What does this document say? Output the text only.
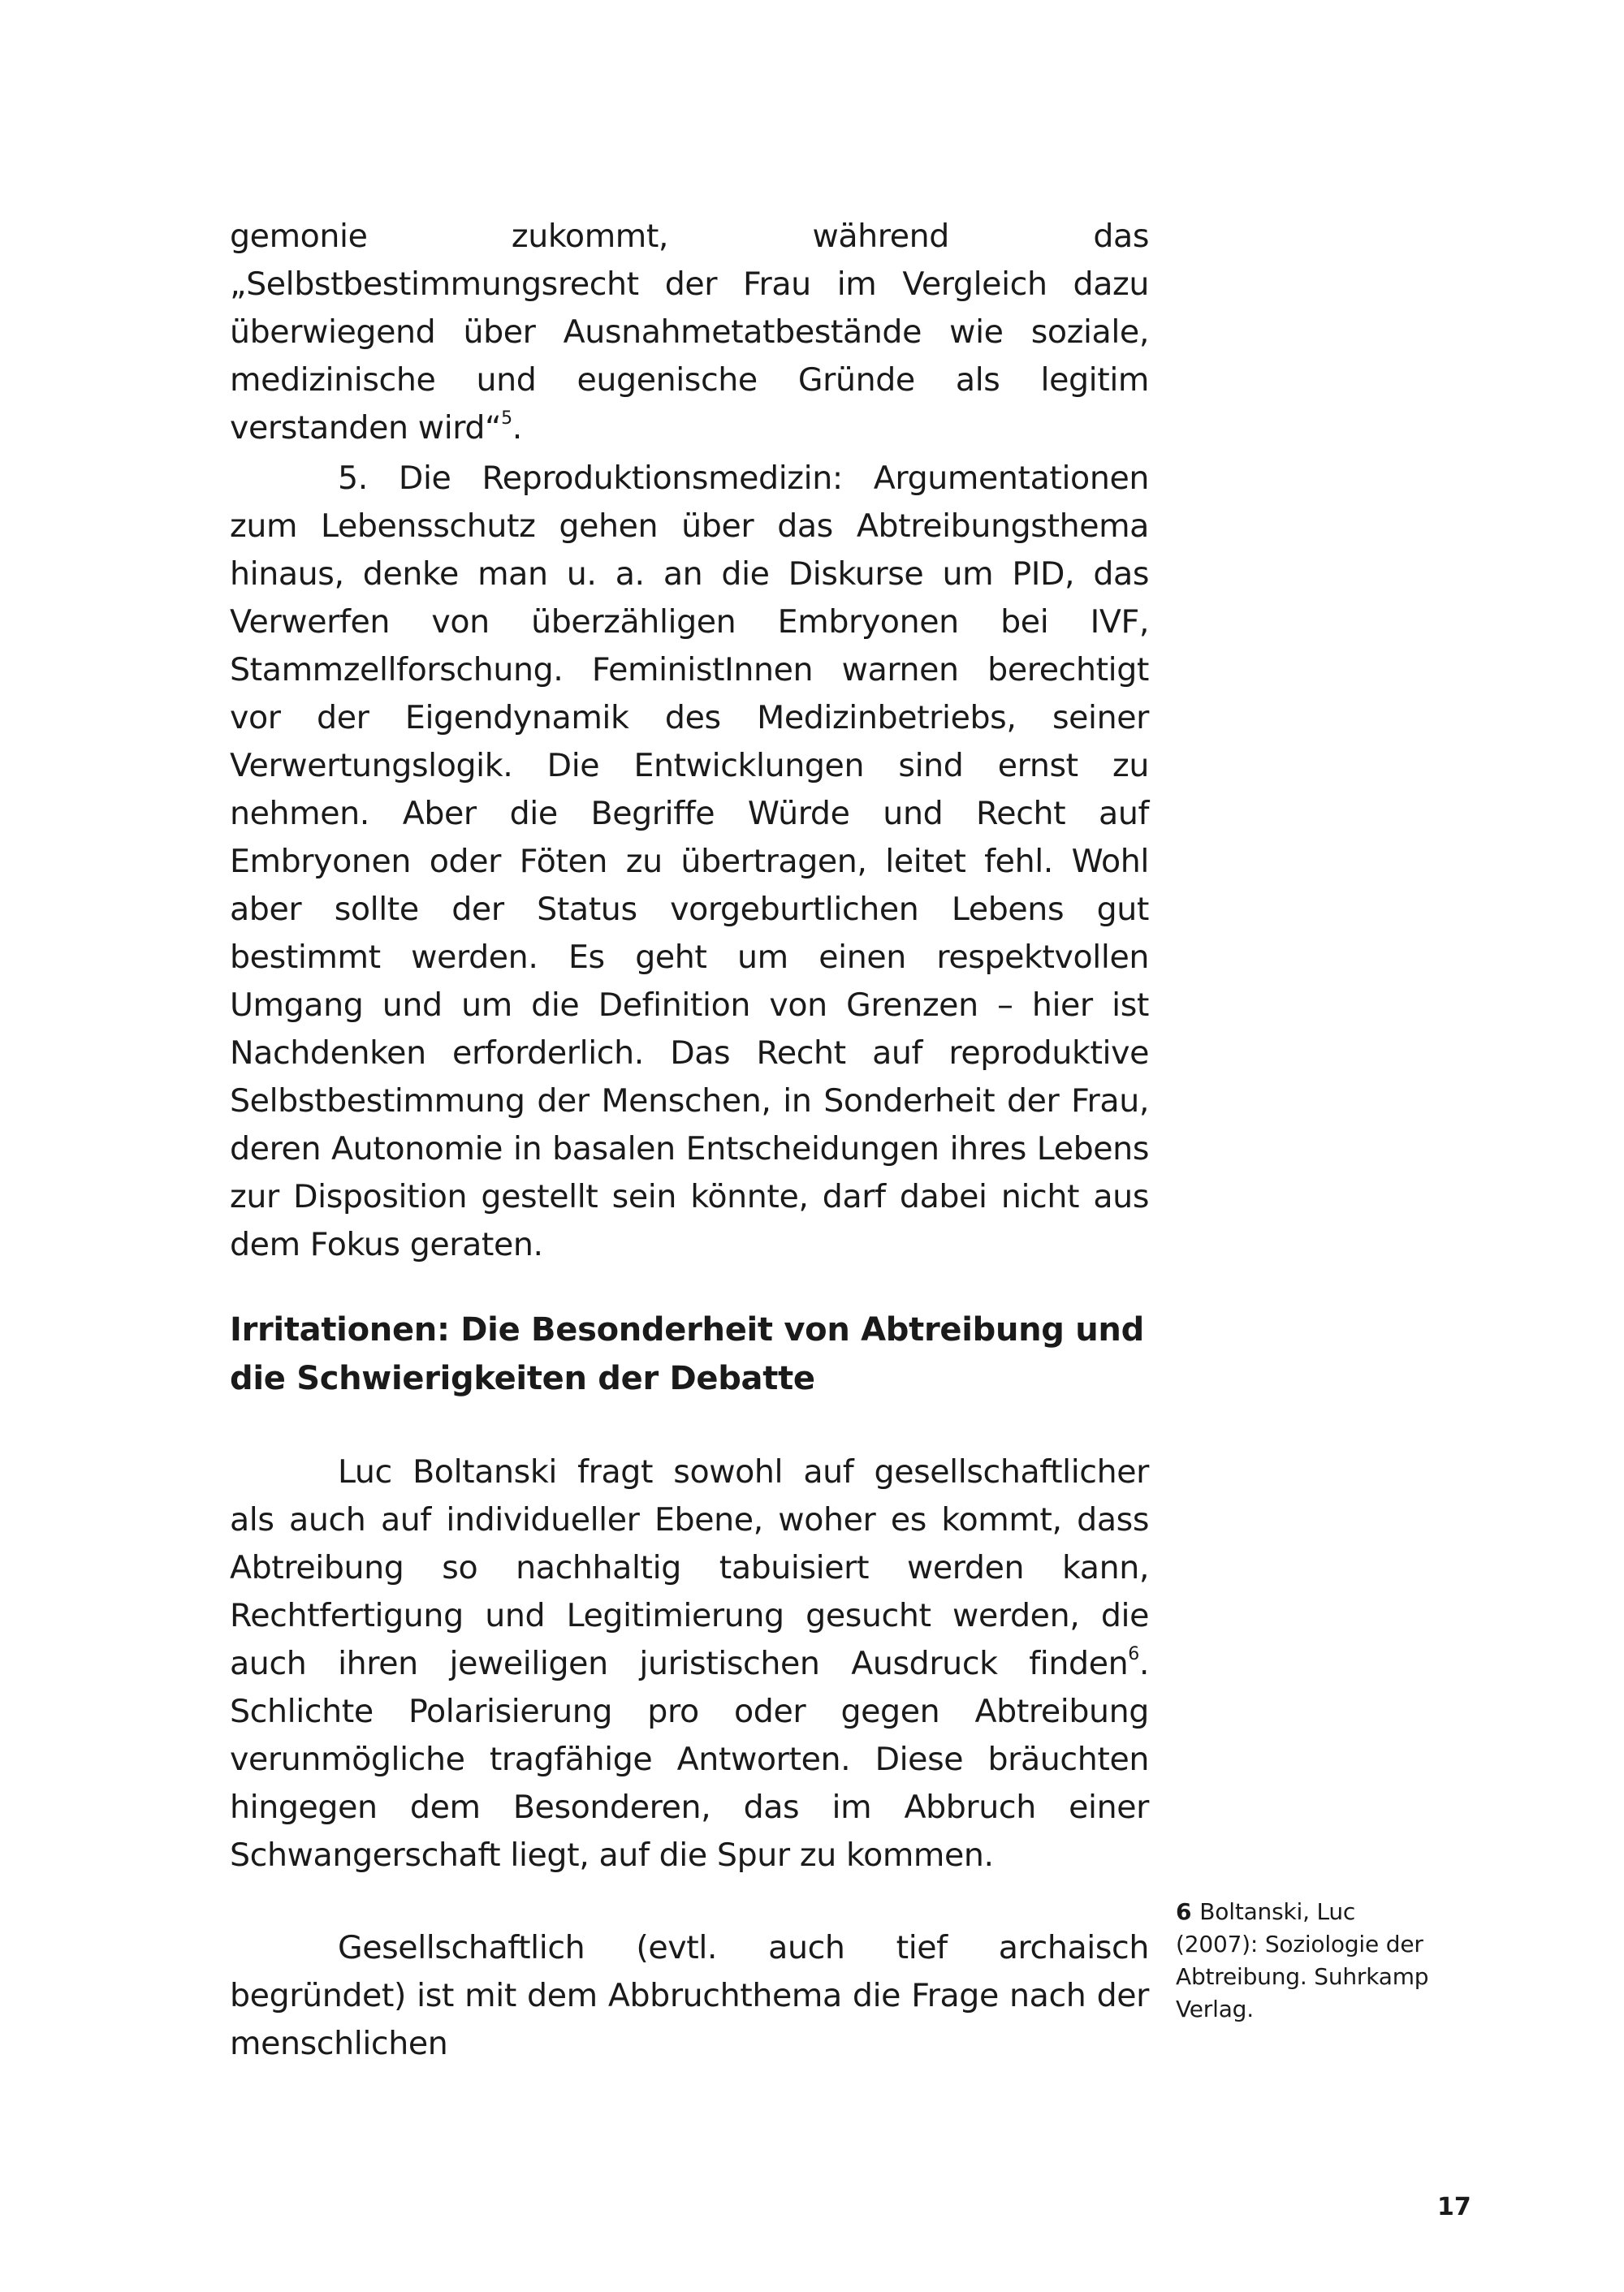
gemonie zukommt, während das „Selbstbestimmungsrecht der Frau im Vergleich dazu überwiegend über Ausnahmetatbestände wie soziale, medizinische und eugenische Gründe als legitim verstanden wird“$^5$.

5. Die Reproduktionsmedizin: Argumentationen zum Lebensschutz gehen über das Abtreibungsthema hinaus, denke man u. a. an die Diskurse um PID, das Verwerfen von überzähligen Embryonen bei IVF, Stammzellforschung. FeministInnen warnen berechtigt vor der Eigendynamik des Medizinbetriebs, seiner Verwertungslogik. Die Entwicklungen sind ernst zu nehmen. Aber die Begriffe Würde und Recht auf Embryonen oder Föten zu übertragen, leitet fehl. Wohl aber sollte der Status vorgeburtlichen Lebens gut bestimmt werden. Es geht um einen respektvollen Umgang und um die Definition von Grenzen – hier ist Nachdenken erforderlich. Das Recht auf reproduktive Selbstbestimmung der Menschen, in Sonderheit der Frau, deren Autonomie in basalen Entscheidungen ihres Lebens zur Disposition gestellt sein könnte, darf dabei nicht aus dem Fokus geraten.

Irritationen: Die Besonderheit von Abtreibung und die Schwierigkeiten der Debatte

Luc Boltanski fragt sowohl auf gesellschaftlicher als auch auf individueller Ebene, woher es kommt, dass Abtreibung so nachhaltig tabuisiert werden kann, Rechtfertigung und Legitimierung gesucht werden, die auch ihren jeweiligen juristischen Ausdruck finden$^6$. Schlichte Polarisierung pro oder gegen Abtreibung verunmögliche tragfähige Antworten. Diese bräuchten hingegen dem Besonderen, das im Abbruch einer Schwangerschaft liegt, auf die Spur zu kommen.

Gesellschaftlich (evtl. auch tief archaisch begründet) ist mit dem Abbruchthema die Frage nach der menschlichen

6 Boltanski, Luc (2007): Soziologie der Abtreibung. Suhrkamp Verlag.

17
